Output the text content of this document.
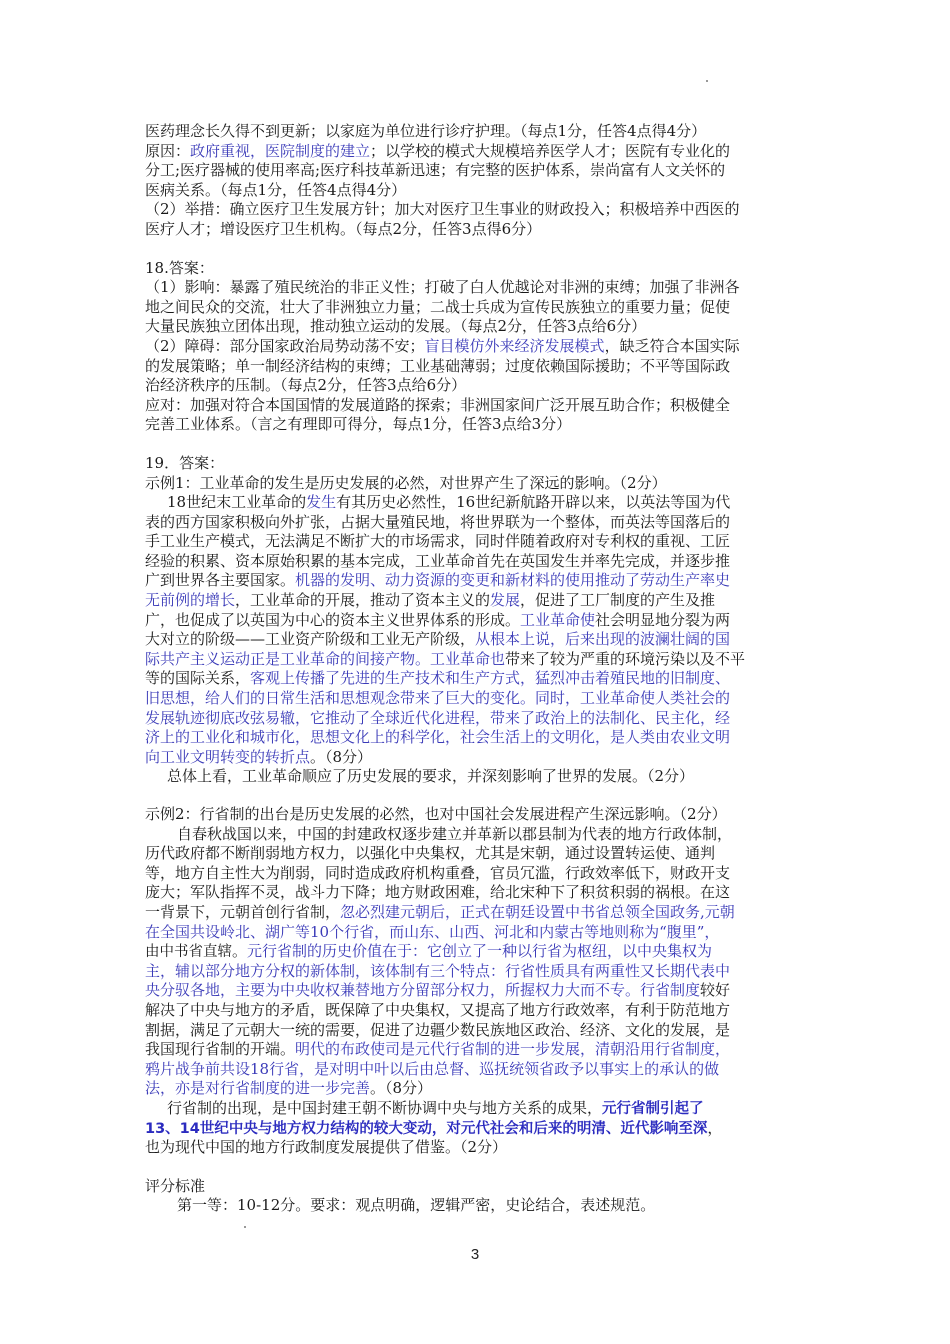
医药理念长久得不到更新；以家庭为单位进行诊疗护理。（每点1分，任答4点得4分）
原因：政府重视，医院制度的建立；以学校的模式大规模培养医学人才；医院有专业化的
分工;医疗器械的使用率高;医疗科技革新迅速；有完整的医护体系，崇尚富有人文关怀的
医病关系。（每点1分，任答4点得4分）
（2）举措：确立医疗卫生发展方针；加大对医疗卫生事业的财政投入；积极培养中西医的
医疗人才；增设医疗卫生机构。（每点2分，任答3点得6分）
18.答案：
（1）影响：暴露了殖民统治的非正义性；打破了白人优越论对非洲的束缚；加强了非洲各
地之间民众的交流，壮大了非洲独立力量；二战士兵成为宣传民族独立的重要力量；促使
大量民族独立团体出现，推动独立运动的发展。（每点2分，任答3点给6分）
（2）障碍：部分国家政治局势动荡不安；盲目模仿外来经济发展模式，缺乏符合本国实际
的发展策略；单一制经济结构的束缚；工业基础薄弱；过度依赖国际援助；不平等国际政
治经济秩序的压制。（每点2分，任答3点给6分）
应对：加强对符合本国国情的发展道路的探索；非洲国家间广泛开展互助合作；积极健全
完善工业体系。（言之有理即可得分，每点1分，任答3点给3分）
19．答案：
示例1：工业革命的发生是历史发展的必然，对世界产生了深远的影响。（2分）
18世纪末工业革命的发生有其历史必然性，16世纪新航路开辟以来，以英法等国为代
表的西方国家积极向外扩张，占据大量殖民地，将世界联为一个整体，而英法等国落后的
手工业生产模式，无法满足不断扩大的市场需求，同时伴随着政府对专利权的重视、工匠
经验的积累、资本原始积累的基本完成，工业革命首先在英国发生并率先完成，并逐步推
广到世界各主要国家。机器的发明、动力资源的变更和新材料的使用推动了劳动生产率史
无前例的增长，工业革命的开展，推动了资本主义的发展，促进了工厂制度的产生及推
广，也促成了以英国为中心的资本主义世界体系的形成。工业革命使社会明显地分裂为两
大对立的阶级——工业资产阶级和工业无产阶级，从根本上说，后来出现的波澜壮阔的国
际共产主义运动正是工业革命的间接产物。工业革命也带来了较为严重的环境污染以及不平
等的国际关系，客观上传播了先进的生产技术和生产方式，猛烈冲击着殖民地的旧制度、
旧思想，给人们的日常生活和思想观念带来了巨大的变化。同时，工业革命使人类社会的
发展轨迹彻底改弦易辙，它推动了全球近代化进程，带来了政治上的法制化、民主化，经
济上的工业化和城市化，思想文化上的科学化，社会生活上的文明化，是人类由农业文明
向工业文明转变的转折点。（8分）
总体上看，工业革命顺应了历史发展的要求，并深刻影响了世界的发展。（2分）
示例2：行省制的出台是历史发展的必然，也对中国社会发展进程产生深远影响。（2分）
自春秋战国以来，中国的封建政权逐步建立并革新以郡县制为代表的地方行政体制，
历代政府都不断削弱地方权力，以强化中央集权，尤其是宋朝，通过设置转运使、通判
等，地方自主性大为削弱，同时造成政府机构重叠，官员冗滥，行政效率低下，财政开支
庞大；军队指挥不灵，战斗力下降；地方财政困难，给北宋种下了积贫积弱的祸根。在这
一背景下，元朝首创行省制，忽必烈建元朝后，正式在朝廷设置中书省总领全国政务,元朝
在全国共设岭北、湖广等10个行省，而山东、山西、河北和内蒙古等地则称为“腹里”，
由中书省直辖。元行省制的历史价值在于：它创立了一种以行省为枢纽，以中央集权为
主，辅以部分地方分权的新体制，该体制有三个特点：行省性质具有两重性又长期代表中
央分驭各地，主要为中央收权兼替地方分留部分权力，所握权力大而不专。行省制度较好
解决了中央与地方的矛盾，既保障了中央集权，又提高了地方行政效率，有利于防范地方
割据，满足了元朝大一统的需要，促进了边疆少数民族地区政治、经济、文化的发展，是
我国现行省制的开端。明代的布政使司是元代行省制的进一步发展，清朝沿用行省制度，
鸦片战争前共设18行省，是对明中叶以后由总督、巡抚统领省政予以事实上的承认的做
法，亦是对行省制度的进一步完善。（8分）
行省制的出现，是中国封建王朝不断协调中央与地方关系的成果，元行省制引起了
13、14世纪中央与地方权力结构的较大变动，对元代社会和后来的明清、近代影响至深，
也为现代中国的地方行政制度发展提供了借鉴。（2分）
评分标准
第一等：10-12分。要求：观点明确，逻辑严密，史论结合，表述规范。
3
